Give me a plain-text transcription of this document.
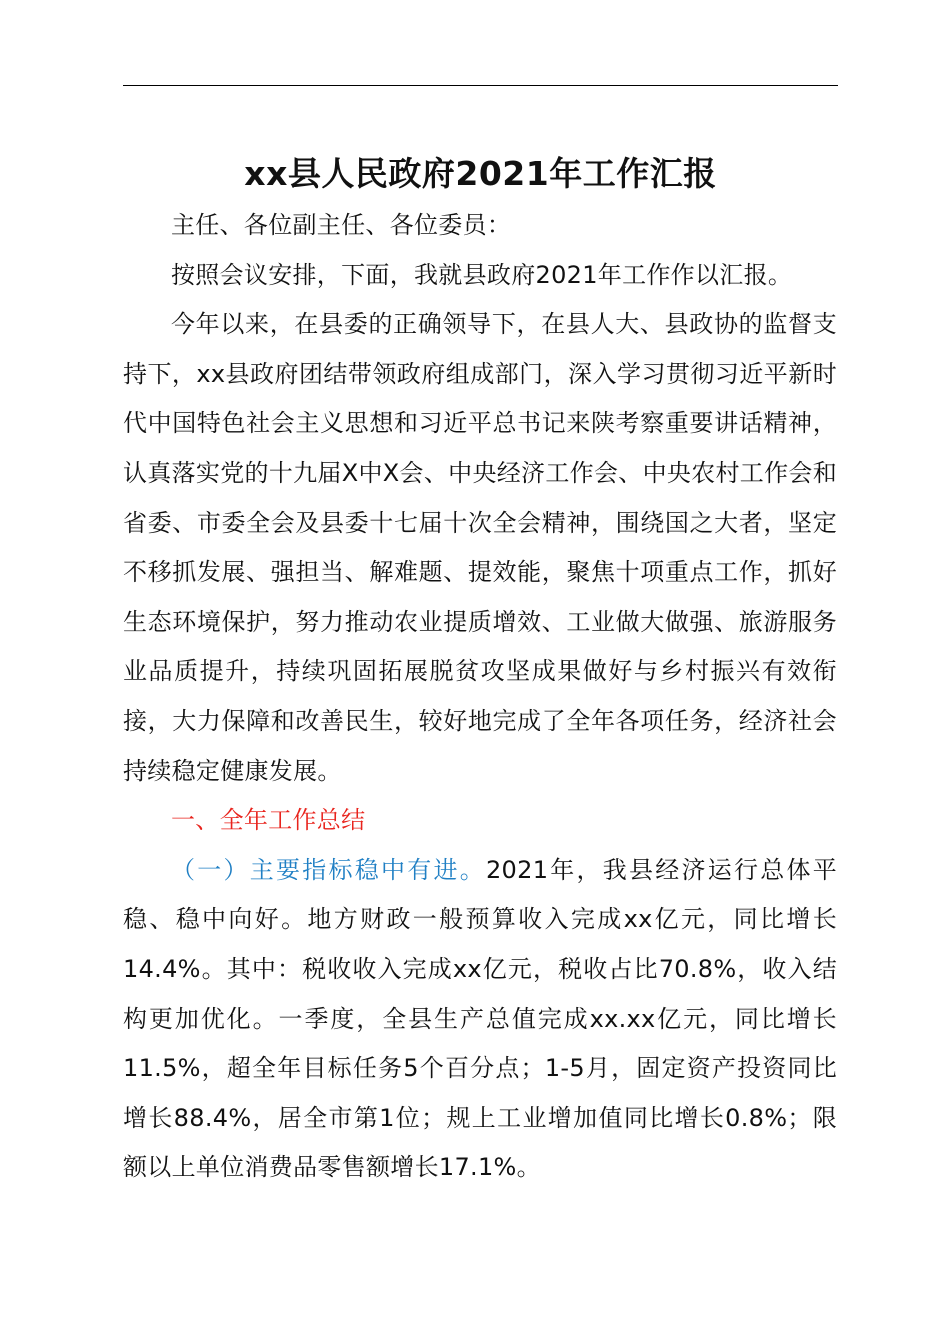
xx县人民政府2021年工作汇报

主任、各位副主任、各位委员：

按照会议安排，下面，我就县政府2021年工作作以汇报。

今年以来，在县委的正确领导下，在县人大、县政协的监督支持下，xx县政府团结带领政府组成部门，深入学习贯彻习近平新时代中国特色社会主义思想和习近平总书记来陕考察重要讲话精神，认真落实党的十九届X中X会、中央经济工作会、中央农村工作会和省委、市委全会及县委十七届十次全会精神，围绕国之大者，坚定不移抓发展、强担当、解难题、提效能，聚焦十项重点工作，抓好生态环境保护，努力推动农业提质增效、工业做大做强、旅游服务业品质提升，持续巩固拓展脱贫攻坚成果做好与乡村振兴有效衔接，大力保障和改善民生，较好地完成了全年各项任务，经济社会持续稳定健康发展。

一、全年工作总结

（一）主要指标稳中有进。2021年，我县经济运行总体平稳、稳中向好。地方财政一般预算收入完成xx亿元，同比增长14.4%。其中：税收收入完成xx亿元，税收占比70.8%，收入结构更加优化。一季度，全县生产总值完成xx.xx亿元，同比增长11.5%，超全年目标任务5个百分点；1-5月，固定资产投资同比增长88.4%，居全市第1位；规上工业增加值同比增长0.8%；限额以上单位消费品零售额增长17.1%。
